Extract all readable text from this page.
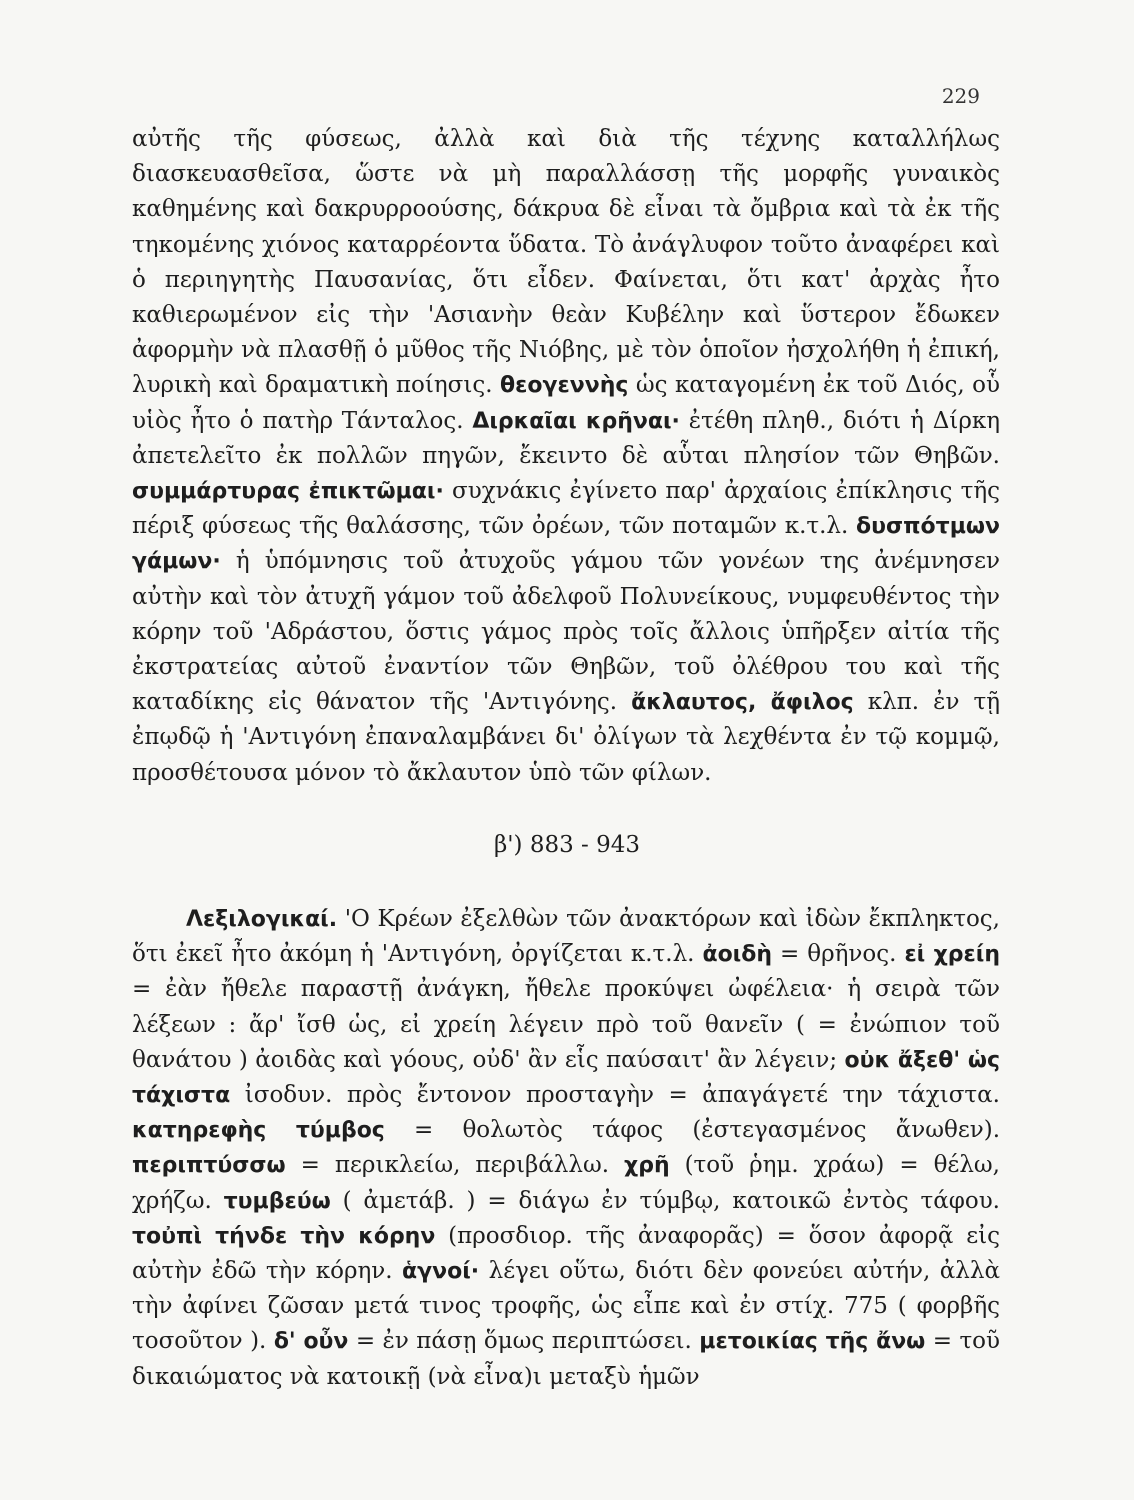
229
αὐτῆς τῆς φύσεως, ἀλλὰ καὶ διὰ τῆς τέχνης καταλλήλως διασκευασθεῖσα, ὥστε νὰ μὴ παραλλάσσῃ τῆς μορφῆς γυναικὸς καθημένης καὶ δακρυρροούσης, δάκρυα δὲ εἶναι τὰ ὄμβρια καὶ τὰ ἐκ τῆς τηκομένης χιόνος καταρρέοντα ὕδατα. Τὸ ἀνάγλυφον τοῦτο ἀναφέρει καὶ ὁ περιηγητὴς Παυσανίας, ὅτι εἶδεν. Φαίνεται, ὅτι κατ' ἀρχὰς ἦτο καθιερωμένον εἰς τὴν 'Ασιανὴν θεὰν Κυβέλην καὶ ὕστερον ἔδωκεν ἀφορμὴν νὰ πλασθῇ ὁ μῦθος τῆς Νιόβης, μὲ τὸν ὁποῖον ἠσχολήθη ἡ ἐπική, λυρικὴ καὶ δραματικὴ ποίησις. θεογεννὴς ὡς καταγομένη ἐκ τοῦ Διός, οὗ υἱὸς ἦτο ὁ πατὴρ Τάνταλος. Διρκαῖαι κρῆναι· ἐτέθη πληθ., διότι ἡ Δίρκη ἀπετελεῖτο ἐκ πολλῶν πηγῶν, ἔκειντο δὲ αὗται πλησίον τῶν Θηβῶν. συμμάρτυρας ἐπικτῶμαι· συχνάκις ἐγίνετο παρ' ἀρχαίοις ἐπίκλησις τῆς πέριξ φύσεως τῆς θαλάσσης, τῶν ὀρέων, τῶν ποταμῶν κ.τ.λ. δυσπότμων γάμων· ἡ ὑπόμνησις τοῦ ἀτυχοῦς γάμου τῶν γονέων της ἀνέμνησεν αὐτὴν καὶ τὸν ἀτυχῆ γάμον τοῦ ἀδελφοῦ Πολυνείκους, νυμφευθέντος τὴν κόρην τοῦ 'Αδράστου, ὅστις γάμος πρὸς τοῖς ἄλλοις ὑπῆρξεν αἰτία τῆς ἐκστρατείας αὐτοῦ ἐναντίον τῶν Θηβῶν, τοῦ ὀλέθρου του καὶ τῆς καταδίκης εἰς θάνατον τῆς 'Αντιγόνης. ἄκλαυτος, ἄφιλος κλπ. ἐν τῇ ἐπῳδῷ ἡ 'Αντιγόνη ἐπαναλαμβάνει δι' ὀλίγων τὰ λεχθέντα ἐν τῷ κομμῷ, προσθέτουσα μόνον τὸ ἄκλαυτον ὑπὸ τῶν φίλων.
β') 883 - 943
Λεξιλογικαί. 'Ο Κρέων ἐξελθὼν τῶν ἀνακτόρων καὶ ἰδὼν ἔκπληκτος, ὅτι ἐκεῖ ἦτο ἀκόμη ἡ 'Αντιγόνη, ὀργίζεται κ.τ.λ. ἀοιδὴ = θρῆνος. εἰ χρείη = ἐὰν ἤθελε παραστῇ ἀνάγκη, ἤθελε προκύψει ὠφέλεια· ἡ σειρὰ τῶν λέξεων : ἄρ' ἴσθ ὡς, εἰ χρείη λέγειν πρὸ τοῦ θανεῖν ( = ἐνώπιον τοῦ θανάτου ) ἀοιδὰς καὶ γόους, οὐδ' ἂν εἷς παύσαιτ' ἂν λέγειν; οὐκ ἄξεθ' ὡς τάχιστα ἰσοδυν. πρὸς ἔντονον προσταγὴν = ἀπαγάγετέ την τάχιστα. κατηρεφὴς τύμβος = θολωτὸς τάφος (ἐστεγασμένος ἄνωθεν). περιπτύσσω = περικλείω, περιβάλλω. χρῆ (τοῦ ῥημ. χράω) = θέλω, χρήζω. τυμβεύω ( ἀμετάβ. ) = διάγω ἐν τύμβῳ, κατοικῶ ἐντὸς τάφου. τοὐπὶ τήνδε τὴν κόρην (προσδιορ. τῆς ἀναφορᾶς) = ὅσον ἀφορᾷ εἰς αὐτὴν ἐδῶ τὴν κόρην. ἁγνοί· λέγει οὕτω, διότι δὲν φονεύει αὐτήν, ἀλλὰ τὴν ἀφίνει ζῶσαν μετά τινος τροφῆς, ὡς εἶπε καὶ ἐν στίχ. 775 ( φορβῆς τοσοῦτον ). δ' οὖν = ἐν πάσῃ ὅμως περιπτώσει. μετοικίας τῆς ἄνω = τοῦ δικαιώματος νὰ κατοικῇ (νὰ εἶνα)ι μεταξὺ ἡμῶν
